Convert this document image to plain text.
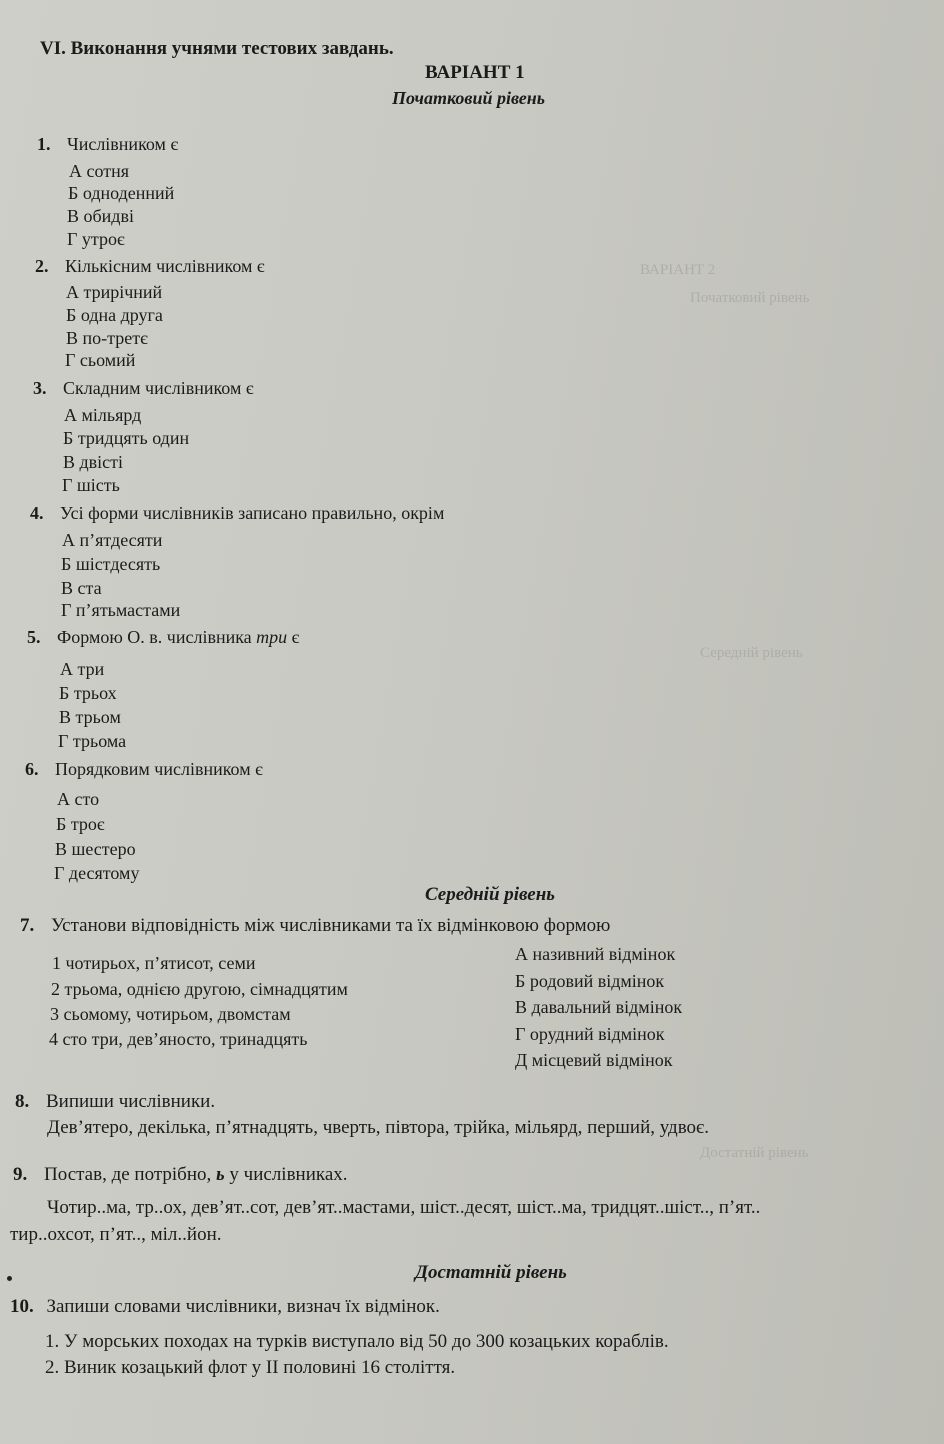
ВАРІАНТ 2
Початковий рівень
Середній рівень
Достатній рівень
VI. Виконання учнями тестових завдань.
ВАРІАНТ 1
Початковий рівень
1. Числівником є
А сотня
Б одноденний
В обидві
Г утроє
2. Кількісним числівником є
А трирічний
Б одна друга
В по-третє
Г сьомий
3. Складним числівником є
А мільярд
Б тридцять один
В двісті
Г шість
4. Усі форми числівників записано правильно, окрім
А п’ятдесяти
Б шістдесять
В ста
Г п’ятьмастами
5. Формою О. в. числівника три є
А три
Б трьох
В трьом
Г трьома
6. Порядковим числівником є
А сто
Б троє
В шестеро
Г десятому
Середній рівень
7. Установи відповідність між числівниками та їх відмінковою формою
1 чотирьох, п’ятисот, семи
2 трьома, однією другою, сімнадцятим
3 сьомому, чотирьом, двомстам
4 сто три, дев’яносто, тринадцять
А називний відмінок
Б родовий відмінок
В давальний відмінок
Г орудний відмінок
Д місцевий відмінок
8. Випиши числівники.
Дев’ятеро, декілька, п’ятнадцять, чверть, півтора, трійка, мільярд, перший, удвоє.
9. Постав, де потрібно, ь у числівниках.
Чотир..ма, тр..ох, дев’ят..сот, дев’ят..мастами, шіст..десят, шіст..ма, тридцят..шіст.., п’ят..
тир..охсот, п’ят.., міл..йон.
Достатній рівень
10. Запиши словами числівники, визнач їх відмінок.
1. У морських походах на турків виступало від 50 до 300 козацьких кораблів.
2. Виник козацький флот у II половині 16 століття.
